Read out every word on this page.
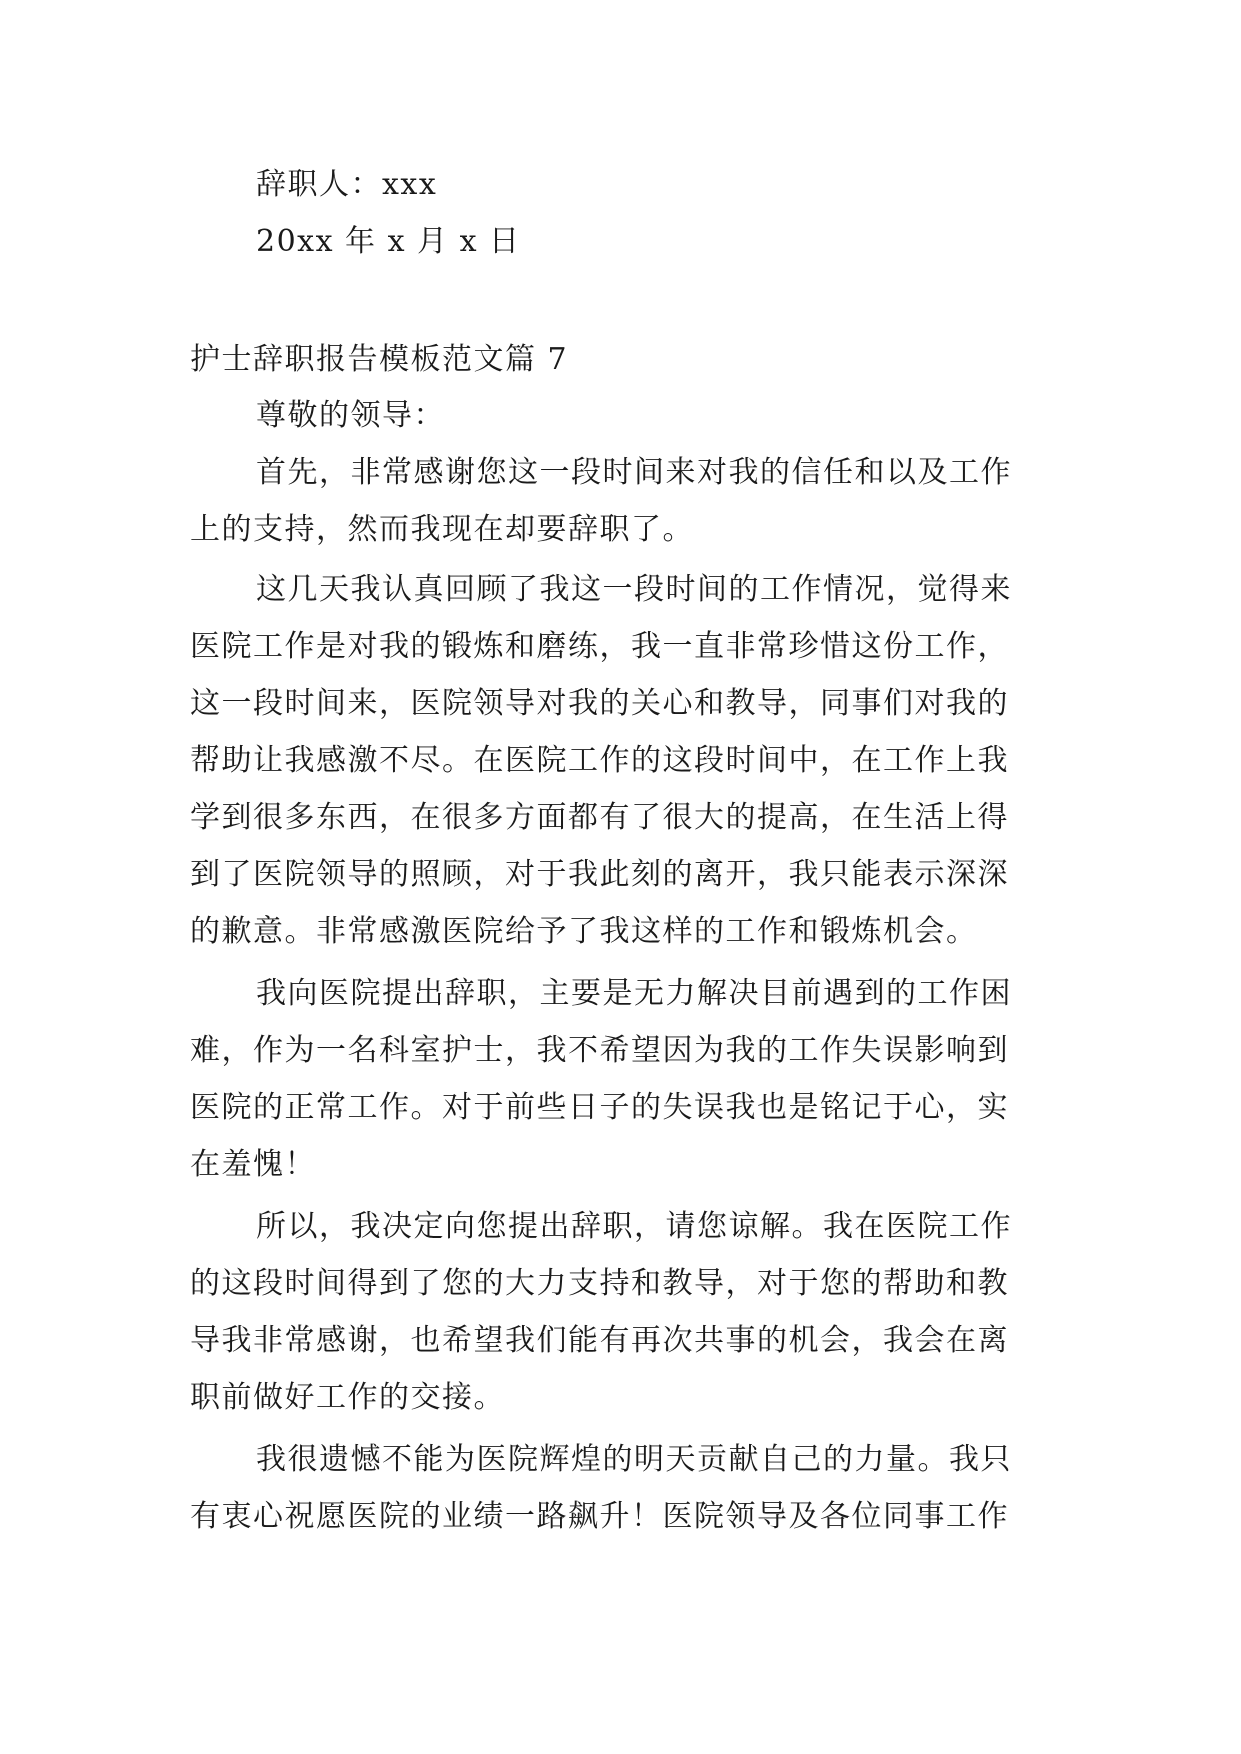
辞职人：xxx
20xx 年 x 月 x 日
护士辞职报告模板范文篇 7
尊敬的领导：
首先，非常感谢您这一段时间来对我的信任和以及工作
上的支持，然而我现在却要辞职了。
这几天我认真回顾了我这一段时间的工作情况，觉得来
医院工作是对我的锻炼和磨练，我一直非常珍惜这份工作，
这一段时间来，医院领导对我的关心和教导，同事们对我的
帮助让我感激不尽。在医院工作的这段时间中，在工作上我
学到很多东西，在很多方面都有了很大的提高，在生活上得
到了医院领导的照顾，对于我此刻的离开，我只能表示深深
的歉意。非常感激医院给予了我这样的工作和锻炼机会。
我向医院提出辞职，主要是无力解决目前遇到的工作困
难，作为一名科室护士，我不希望因为我的工作失误影响到
医院的正常工作。对于前些日子的失误我也是铭记于心，实
在羞愧！
所以，我决定向您提出辞职，请您谅解。我在医院工作
的这段时间得到了您的大力支持和教导，对于您的帮助和教
导我非常感谢，也希望我们能有再次共事的机会，我会在离
职前做好工作的交接。
我很遗憾不能为医院辉煌的明天贡献自己的力量。我只
有衷心祝愿医院的业绩一路飙升！医院领导及各位同事工作
